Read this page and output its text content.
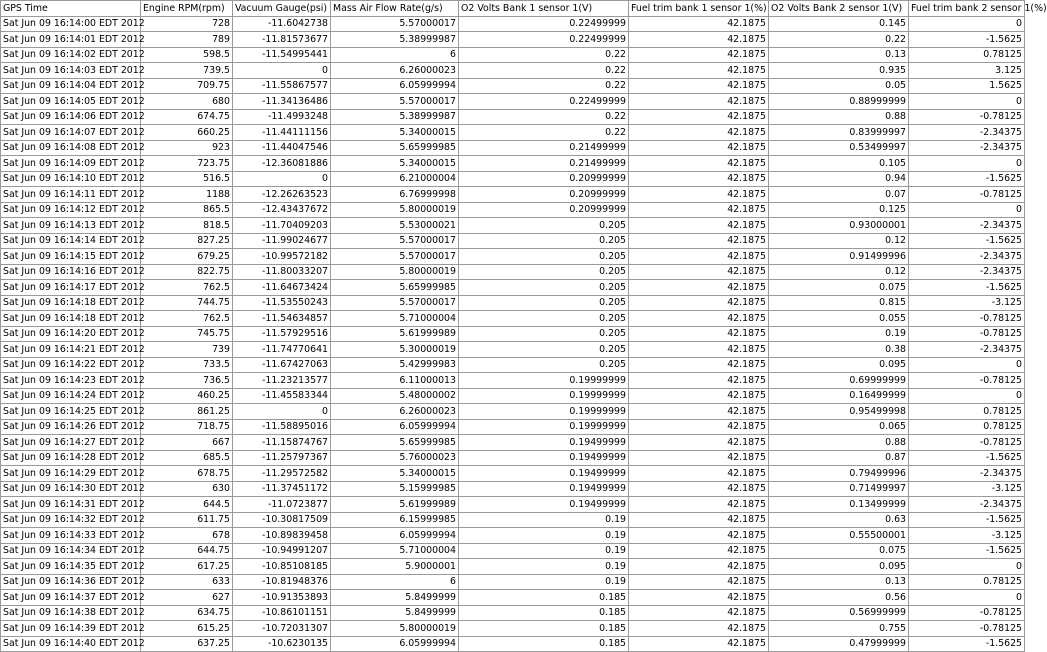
GPS Time	Engine RPM(rpm)	Vacuum Gauge(psi)	Mass Air Flow Rate(g/s)	O2 Volts Bank 1 sensor 1(V)	Fuel trim bank 1 sensor 1(%)	O2 Volts Bank 2 sensor 1(V)	Fuel trim bank 2 sensor 1(%)
Sat Jun 09 16:14:00 EDT 2012	728	-11.6042738	5.57000017	0.22499999	42.1875	0.145	0
Sat Jun 09 16:14:01 EDT 2012	789	-11.81573677	5.38999987	0.22499999	42.1875	0.22	-1.5625
Sat Jun 09 16:14:02 EDT 2012	598.5	-11.54995441	6	0.22	42.1875	0.13	0.78125
Sat Jun 09 16:14:03 EDT 2012	739.5	0	6.26000023	0.22	42.1875	0.935	3.125
Sat Jun 09 16:14:04 EDT 2012	709.75	-11.55867577	6.05999994	0.22	42.1875	0.05	1.5625
Sat Jun 09 16:14:05 EDT 2012	680	-11.34136486	5.57000017	0.22499999	42.1875	0.88999999	0
Sat Jun 09 16:14:06 EDT 2012	674.75	-11.4993248	5.38999987	0.22	42.1875	0.88	-0.78125
Sat Jun 09 16:14:07 EDT 2012	660.25	-11.44111156	5.34000015	0.22	42.1875	0.83999997	-2.34375
Sat Jun 09 16:14:08 EDT 2012	923	-11.44047546	5.65999985	0.21499999	42.1875	0.53499997	-2.34375
Sat Jun 09 16:14:09 EDT 2012	723.75	-12.36081886	5.34000015	0.21499999	42.1875	0.105	0
Sat Jun 09 16:14:10 EDT 2012	516.5	0	6.21000004	0.20999999	42.1875	0.94	-1.5625
Sat Jun 09 16:14:11 EDT 2012	1188	-12.26263523	6.76999998	0.20999999	42.1875	0.07	-0.78125
Sat Jun 09 16:14:12 EDT 2012	865.5	-12.43437672	5.80000019	0.20999999	42.1875	0.125	0
Sat Jun 09 16:14:13 EDT 2012	818.5	-11.70409203	5.53000021	0.205	42.1875	0.93000001	-2.34375
Sat Jun 09 16:14:14 EDT 2012	827.25	-11.99024677	5.57000017	0.205	42.1875	0.12	-1.5625
Sat Jun 09 16:14:15 EDT 2012	679.25	-10.99572182	5.57000017	0.205	42.1875	0.91499996	-2.34375
Sat Jun 09 16:14:16 EDT 2012	822.75	-11.80033207	5.80000019	0.205	42.1875	0.12	-2.34375
Sat Jun 09 16:14:17 EDT 2012	762.5	-11.64673424	5.65999985	0.205	42.1875	0.075	-1.5625
Sat Jun 09 16:14:18 EDT 2012	744.75	-11.53550243	5.57000017	0.205	42.1875	0.815	-3.125
Sat Jun 09 16:14:18 EDT 2012	762.5	-11.54634857	5.71000004	0.205	42.1875	0.055	-0.78125
Sat Jun 09 16:14:20 EDT 2012	745.75	-11.57929516	5.61999989	0.205	42.1875	0.19	-0.78125
Sat Jun 09 16:14:21 EDT 2012	739	-11.74770641	5.30000019	0.205	42.1875	0.38	-2.34375
Sat Jun 09 16:14:22 EDT 2012	733.5	-11.67427063	5.42999983	0.205	42.1875	0.095	0
Sat Jun 09 16:14:23 EDT 2012	736.5	-11.23213577	6.11000013	0.19999999	42.1875	0.69999999	-0.78125
Sat Jun 09 16:14:24 EDT 2012	460.25	-11.45583344	5.48000002	0.19999999	42.1875	0.16499999	0
Sat Jun 09 16:14:25 EDT 2012	861.25	0	6.26000023	0.19999999	42.1875	0.95499998	0.78125
Sat Jun 09 16:14:26 EDT 2012	718.75	-11.58895016	6.05999994	0.19999999	42.1875	0.065	0.78125
Sat Jun 09 16:14:27 EDT 2012	667	-11.15874767	5.65999985	0.19499999	42.1875	0.88	-0.78125
Sat Jun 09 16:14:28 EDT 2012	685.5	-11.25797367	5.76000023	0.19499999	42.1875	0.87	-1.5625
Sat Jun 09 16:14:29 EDT 2012	678.75	-11.29572582	5.34000015	0.19499999	42.1875	0.79499996	-2.34375
Sat Jun 09 16:14:30 EDT 2012	630	-11.37451172	5.15999985	0.19499999	42.1875	0.71499997	-3.125
Sat Jun 09 16:14:31 EDT 2012	644.5	-11.0723877	5.61999989	0.19499999	42.1875	0.13499999	-2.34375
Sat Jun 09 16:14:32 EDT 2012	611.75	-10.30817509	6.15999985	0.19	42.1875	0.63	-1.5625
Sat Jun 09 16:14:33 EDT 2012	678	-10.89839458	6.05999994	0.19	42.1875	0.55500001	-3.125
Sat Jun 09 16:14:34 EDT 2012	644.75	-10.94991207	5.71000004	0.19	42.1875	0.075	-1.5625
Sat Jun 09 16:14:35 EDT 2012	617.25	-10.85108185	5.9000001	0.19	42.1875	0.095	0
Sat Jun 09 16:14:36 EDT 2012	633	-10.81948376	6	0.19	42.1875	0.13	0.78125
Sat Jun 09 16:14:37 EDT 2012	627	-10.91353893	5.8499999	0.185	42.1875	0.56	0
Sat Jun 09 16:14:38 EDT 2012	634.75	-10.86101151	5.8499999	0.185	42.1875	0.56999999	-0.78125
Sat Jun 09 16:14:39 EDT 2012	615.25	-10.72031307	5.80000019	0.185	42.1875	0.755	-0.78125
Sat Jun 09 16:14:40 EDT 2012	637.25	-10.6230135	6.05999994	0.185	42.1875	0.47999999	-1.5625
